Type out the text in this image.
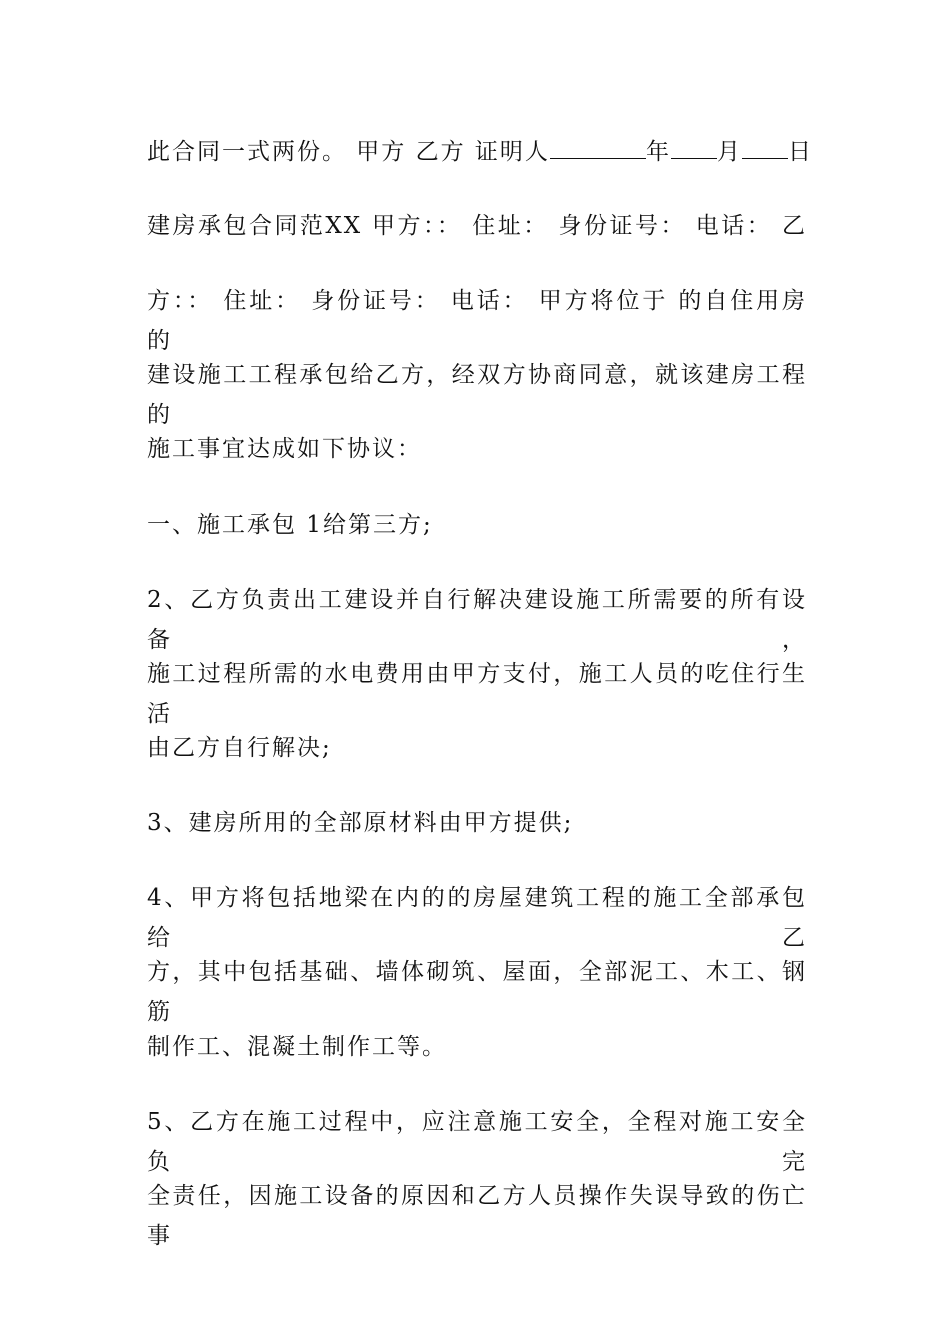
此合同一式两份。 甲方 乙方 证明人	年 月 日
建房承包合同范XX 甲方：： 住址： 身份证号： 电话： 乙
方：： 住址： 身份证号： 电话： 甲方将位于 的自住用房的
建设施工工程承包给乙方，经双方协商同意，就该建房工程的
施工事宜达成如下协议：
一、施工承包 1给第三方;
2、乙方负责出工建设并自行解决建设施工所需要的所有设备，
施工过程所需的水电费用由甲方支付，施工人员的吃住行生活
由乙方自行解决;
3、建房所用的全部原材料由甲方提供;
4、甲方将包括地梁在内的的房屋建筑工程的施工全部承包给乙
方，其中包括基础、墙体砌筑、屋面，全部泥工、木工、钢筋
制作工、混凝土制作工等。
5、乙方在施工过程中，应注意施工安全，全程对施工安全负完
全责任，因施工设备的原因和乙方人员操作失误导致的伤亡事
